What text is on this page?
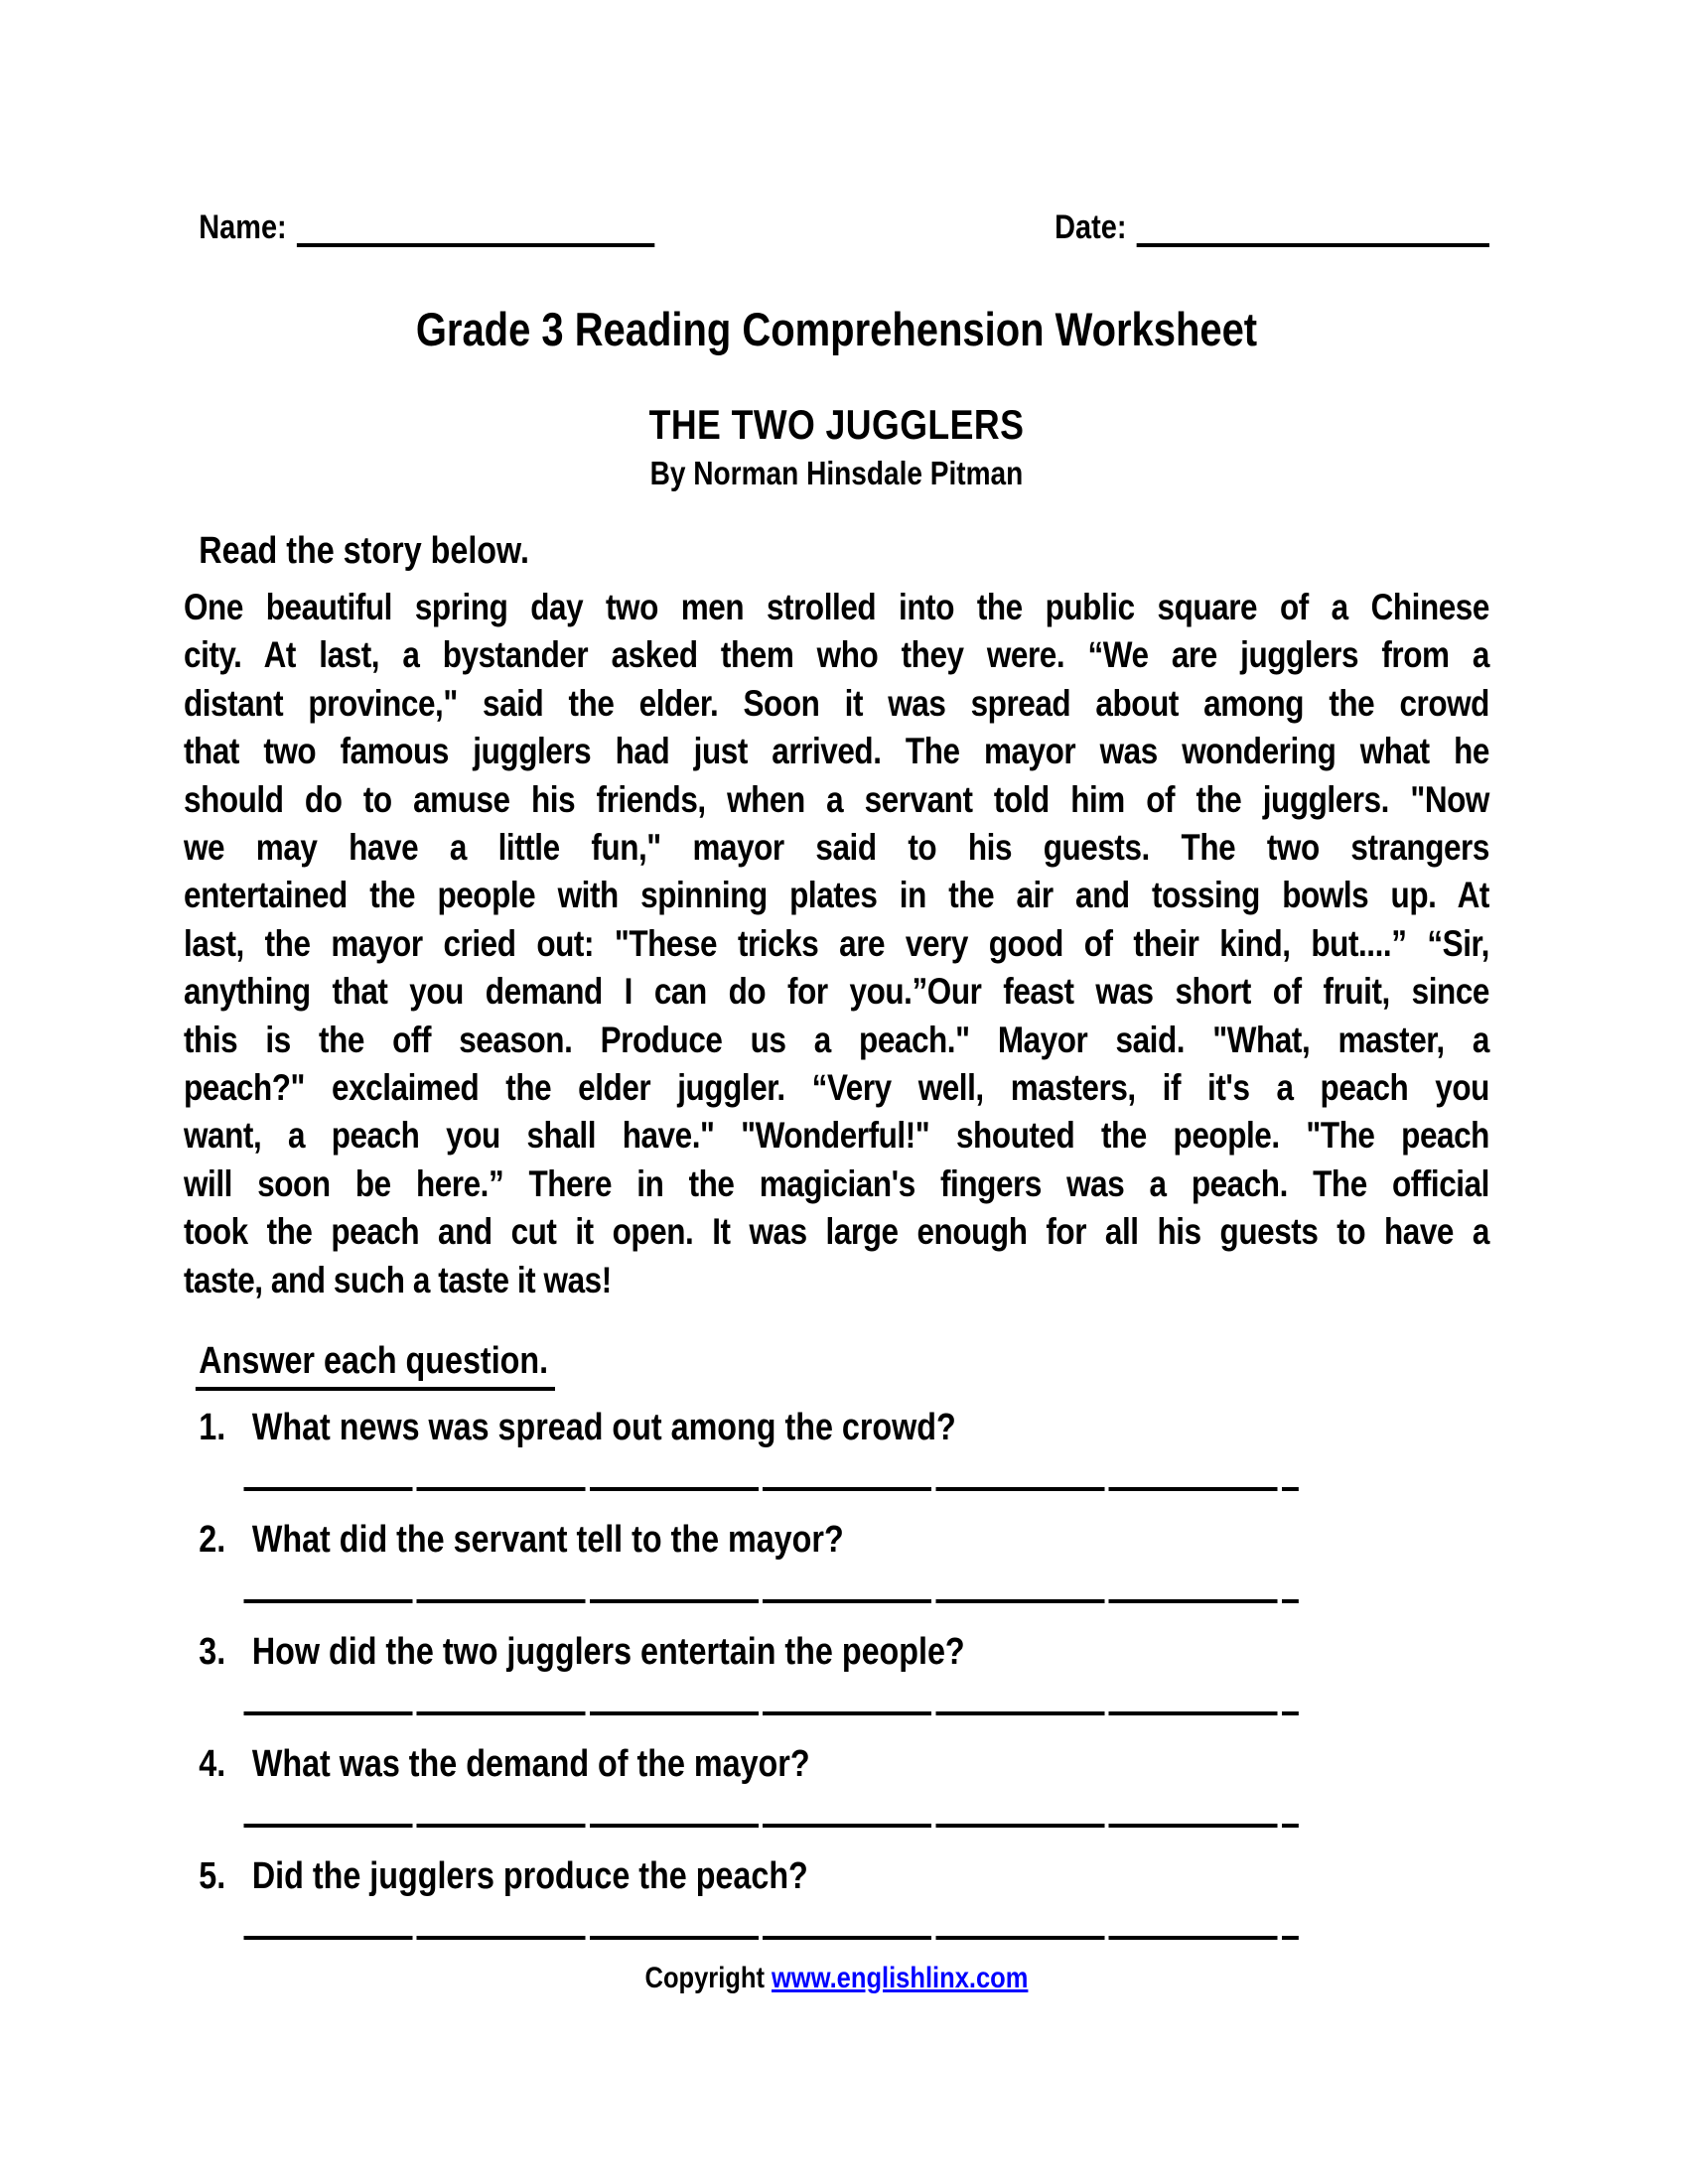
Name:	Date:
Grade 3 Reading Comprehension Worksheet
THE TWO JUGGLERS
By Norman Hinsdale Pitman
Read the story below.
One beautiful spring day two men strolled into the public square of a Chinese
city. At last, a bystander asked them who they were. “We are jugglers from a
distant province," said the elder. Soon it was spread about among the crowd
that two famous jugglers had just arrived. The mayor was wondering what he
should do to amuse his friends, when a servant told him of the jugglers. "Now
we may have a little fun," mayor said to his guests. The two strangers
entertained the people with spinning plates in the air and tossing bowls up. At
last, the mayor cried out: "These tricks are very good of their kind, but....” “Sir,
anything that you demand I can do for you.”Our feast was short of fruit, since
this is the off season. Produce us a peach." Mayor said. "What, master, a
peach?" exclaimed the elder juggler. “Very well, masters, if it's a peach you
want, a peach you shall have." "Wonderful!" shouted the people. "The peach
will soon be here.” There in the magician's fingers was a peach. The official
took the peach and cut it open. It was large enough for all his guests to have a
taste, and such a taste it was!
Answer each question.
1. What news was spread out among the crowd?
2. What did the servant tell to the mayor?
3. How did the two jugglers entertain the people?
4. What was the demand of the mayor?
5. Did the jugglers produce the peach?
Copyright www.englishlinx.com
